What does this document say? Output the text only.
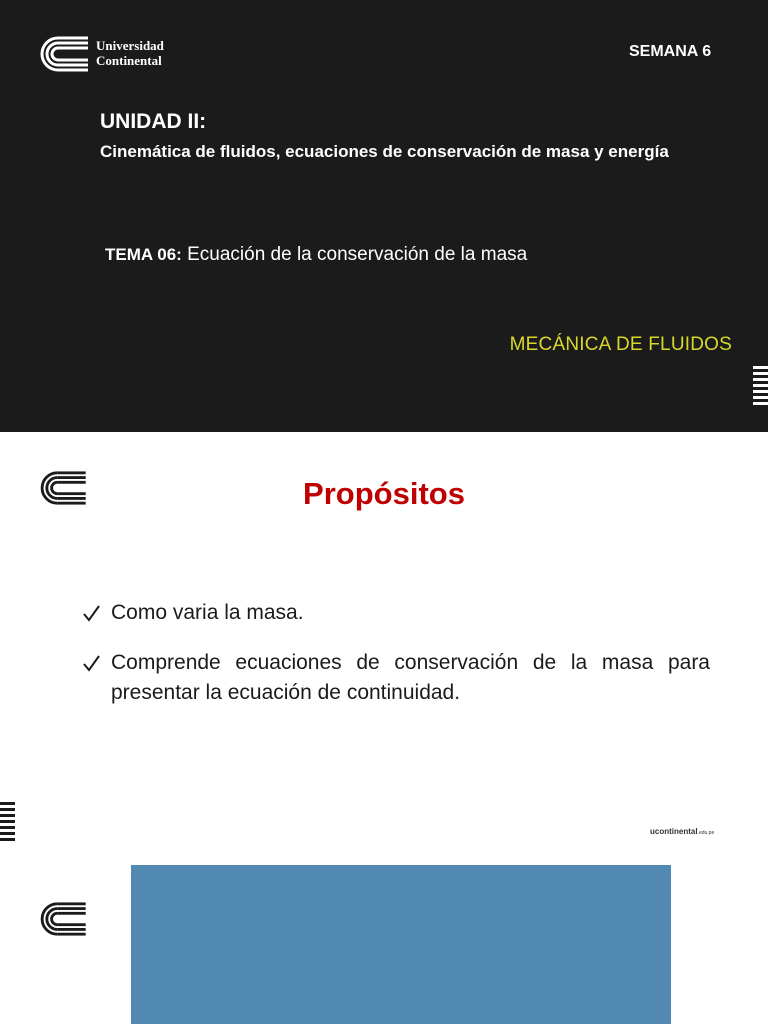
Universidad
Continental
SEMANA 6
UNIDAD II:
Cinemática de fluidos, ecuaciones de conservación de masa y energía
TEMA 06: Ecuación de la conservación de la masa
MECÁNICA DE FLUIDOS
Propósitos
Como varia la masa.
Comprende ecuaciones de conservación de la masa para presentar la ecuación de continuidad.
ucontinental.edu.pe
